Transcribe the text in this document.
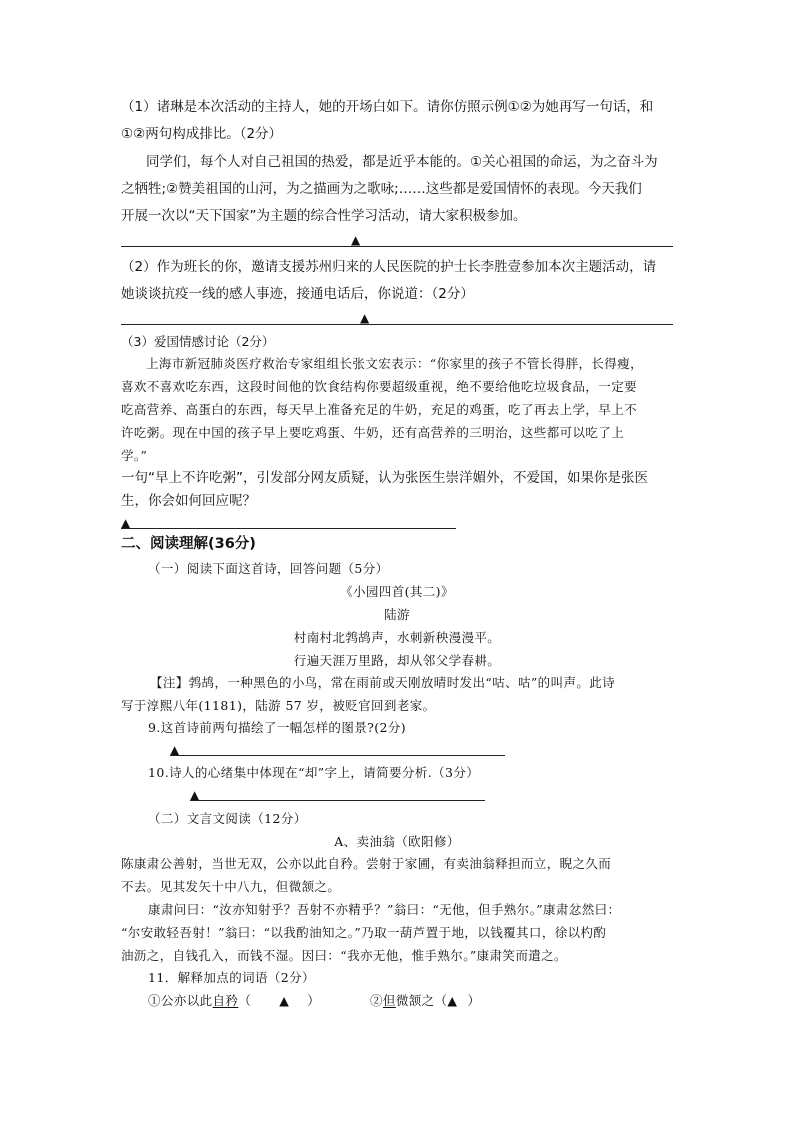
（1）诸琳是本次活动的主持人，她的开场白如下。请你仿照示例①②为她再写一句话，和
①②两句构成排比。（2分）
同学们，每个人对自己祖国的热爱，都是近乎本能的。①关心祖国的命运，为之奋斗为
之牺牲;②赞美祖国的山河，为之描画为之歌咏;……这些都是爱国情怀的表现。今天我们
开展一次以“天下国家”为主题的综合性学习活动，请大家积极参加。
▲
（2）作为班长的你，邀请支援苏州归来的人民医院的护士长李胜壹参加本次主题活动，请
她谈谈抗疫一线的感人事迹，接通电话后，你说道：（2分）
▲
（3）爱国情感讨论（2分）
上海市新冠肺炎医疗救治专家组组长张文宏表示：“你家里的孩子不管长得胖，长得瘦，
喜欢不喜欢吃东西，这段时间他的饮食结构你要超级重视，绝不要给他吃垃圾食品，一定要
吃高营养、高蛋白的东西，每天早上准备充足的牛奶，充足的鸡蛋，吃了再去上学，早上不
许吃粥。现在中国的孩子早上要吃鸡蛋、牛奶，还有高营养的三明治，这些都可以吃了上
学。”
一句“早上不许吃粥”，引发部分网友质疑，认为张医生崇洋媚外，不爱国，如果你是张医
生，你会如何回应呢？
▲
二、阅读理解(36分)
（一）阅读下面这首诗，回答问题（5分）
《小园四首(其二)》
陆游
村南村北鹁鸪声，水刺新秧漫漫平。
行遍天涯万里路，却从邻父学春耕。
【注】鹁鸪，一种黑色的小鸟，常在雨前或天刚放晴时发出“咕、咕”的叫声。此诗
写于淳熙八年(1181)，陆游 57 岁，被贬官回到老家。
9.这首诗前两句描绘了一幅怎样的图景?(2分)
▲
10.诗人的心绪集中体现在“却”字上，请简要分析.（3分）
▲
（二）文言文阅读（12分）
A、卖油翁（欧阳修）
陈康肃公善射，当世无双，公亦以此自矜。尝射于家圃，有卖油翁释担而立，睨之久而
不去。见其发矢十中八九，但微颔之。
康肃问曰：“汝亦知射乎？吾射不亦精乎？”翁曰：“无他，但手熟尔。”康肃忿然曰：
“尔安敢轻吾射！”翁曰：“以我酌油知之。”乃取一葫芦置于地，以钱覆其口，徐以杓酌
油沥之，自钱孔入，而钱不湿。因曰：“我亦无他，惟手熟尔。”康肃笑而遣之。
11．解释加点的词语（2分）
①公亦以此自矜（ ▲ ）	②但微颔之（▲ ）
